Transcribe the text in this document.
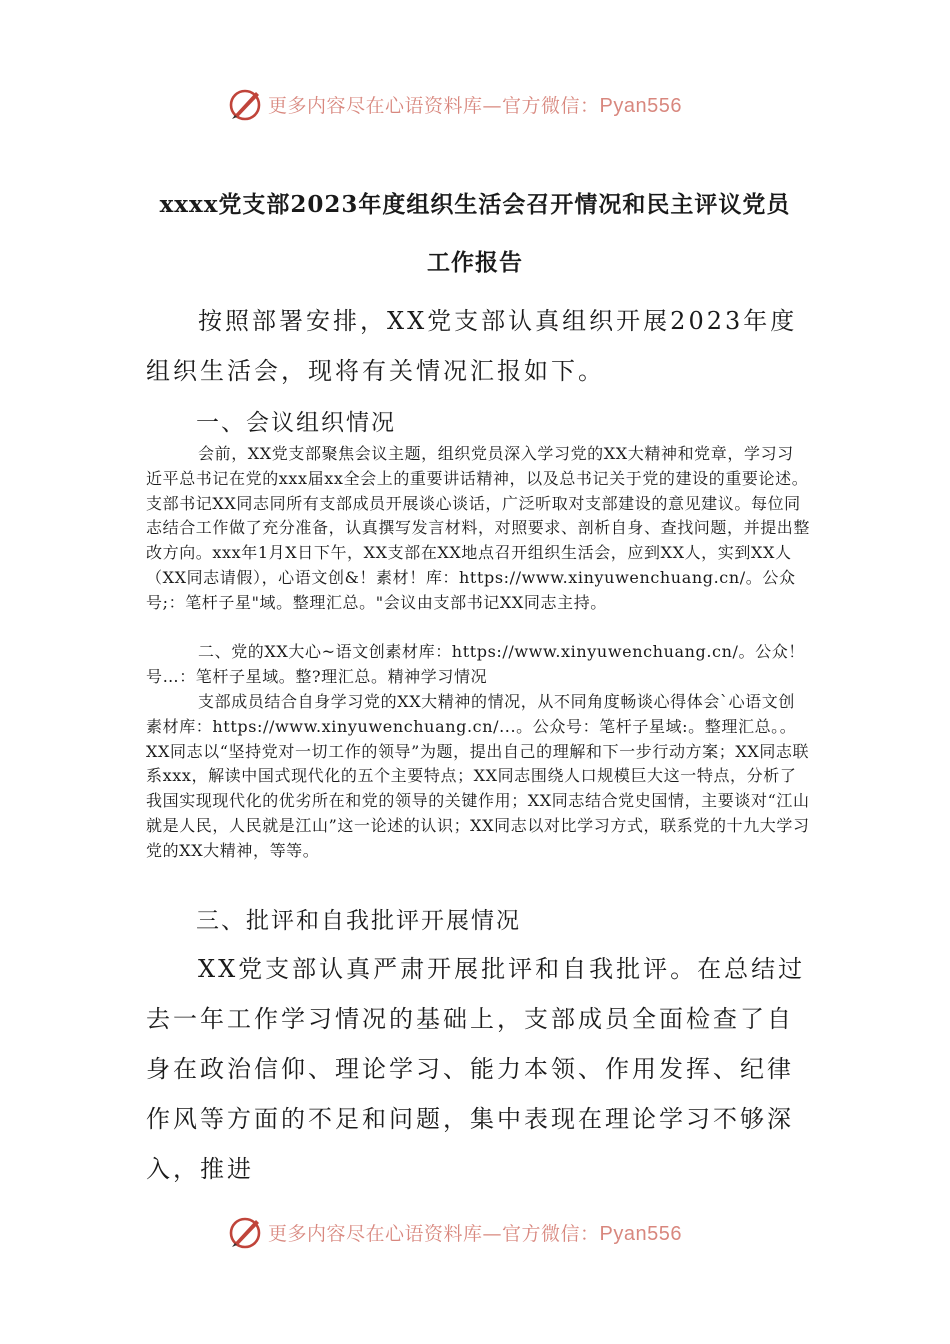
更多内容尽在心语资料库—官方微信：Pyan556
xxxx党支部2023年度组织生活会召开情况和民主评议党员
工作报告
按照部署安排，XX党支部认真组织开展2023年度组织生活会，现将有关情况汇报如下。
一、会议组织情况
会前，XX党支部聚焦会议主题，组织党员深入学习党的XX大精神和党章，学习习近平总书记在党的xxx届xx全会上的重要讲话精神，以及总书记关于党的建设的重要论述。支部书记XX同志同所有支部成员开展谈心谈话，广泛听取对支部建设的意见建议。每位同志结合工作做了充分准备，认真撰写发言材料，对照要求、剖析自身、查找问题，并提出整改方向。xxx年1月X日下午，XX支部在XX地点召开组织生活会，应到XX人，实到XX人（XX同志请假），心语文创&！素材！库：https://www.xinyuwenchuang.cn/。公众号;：笔杆子星"域。整理汇总。"会议由支部书记XX同志主持。
二、党的XX大心~语文创素材库：https://www.xinyuwenchuang.cn/。公众！号…：笔杆子星域。整?理汇总。精神学习情况
支部成员结合自身学习党的XX大精神的情况，从不同角度畅谈心得体会`心语文创素材库：https://www.xinyuwenchuang.cn/...。公众号：笔杆子星域:。整理汇总。。XX同志以“坚持党对一切工作的领导”为题，提出自己的理解和下一步行动方案；XX同志联系xxx，解读中国式现代化的五个主要特点；XX同志围绕人口规模巨大这一特点，分析了我国实现现代化的优劣所在和党的领导的关键作用；XX同志结合党史国情，主要谈对“江山就是人民，人民就是江山”这一论述的认识；XX同志以对比学习方式，联系党的十九大学习党的XX大精神，等等。
三、批评和自我批评开展情况
XX党支部认真严肃开展批评和自我批评。在总结过去一年工作学习情况的基础上，支部成员全面检查了自身在政治信仰、理论学习、能力本领、作用发挥、纪律作风等方面的不足和问题，集中表现在理论学习不够深入，推进
更多内容尽在心语资料库—官方微信：Pyan556
